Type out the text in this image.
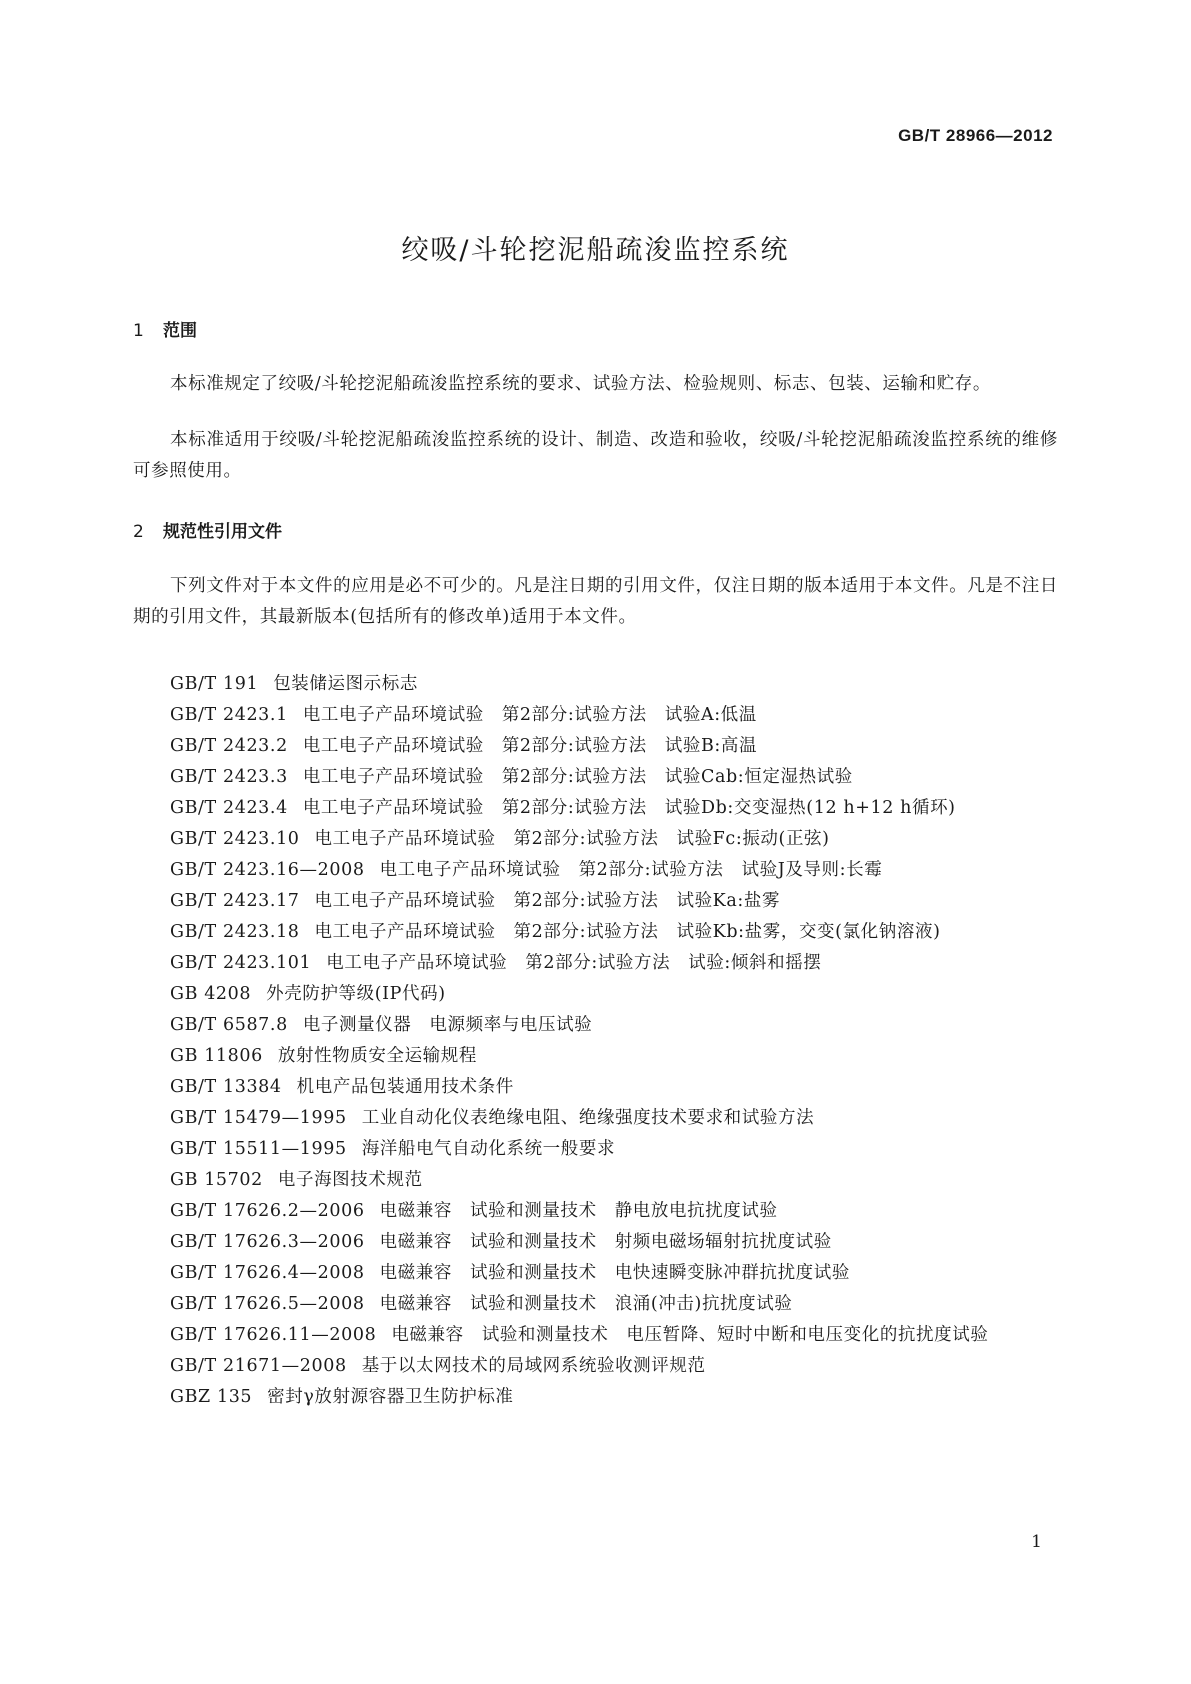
GB/T 28966—2012
绞吸/斗轮挖泥船疏浚监控系统
1 范围
本标准规定了绞吸/斗轮挖泥船疏浚监控系统的要求、试验方法、检验规则、标志、包装、运输和贮存。
本标准适用于绞吸/斗轮挖泥船疏浚监控系统的设计、制造、改造和验收，绞吸/斗轮挖泥船疏浚监控系统的维修可参照使用。
2 规范性引用文件
下列文件对于本文件的应用是必不可少的。凡是注日期的引用文件，仅注日期的版本适用于本文件。凡是不注日期的引用文件，其最新版本(包括所有的修改单)适用于本文件。

GB/T 191 包装储运图示标志

GB/T 2423.1 电工电子产品环境试验 第2部分:试验方法 试验A:低温

GB/T 2423.2 电工电子产品环境试验 第2部分:试验方法 试验B:高温

GB/T 2423.3 电工电子产品环境试验 第2部分:试验方法 试验Cab:恒定湿热试验

GB/T 2423.4 电工电子产品环境试验 第2部分:试验方法 试验Db:交变湿热(12 h+12 h循环)

GB/T 2423.10 电工电子产品环境试验 第2部分:试验方法 试验Fc:振动(正弦)

GB/T 2423.16—2008 电工电子产品环境试验 第2部分:试验方法 试验J及导则:长霉

GB/T 2423.17 电工电子产品环境试验 第2部分:试验方法 试验Ka:盐雾

GB/T 2423.18 电工电子产品环境试验 第2部分:试验方法 试验Kb:盐雾，交变(氯化钠溶液)

GB/T 2423.101 电工电子产品环境试验 第2部分:试验方法 试验:倾斜和摇摆

GB 4208 外壳防护等级(IP代码)

GB/T 6587.8 电子测量仪器 电源频率与电压试验

GB 11806 放射性物质安全运输规程

GB/T 13384 机电产品包装通用技术条件

GB/T 15479—1995 工业自动化仪表绝缘电阻、绝缘强度技术要求和试验方法

GB/T 15511—1995 海洋船电气自动化系统一般要求

GB 15702 电子海图技术规范

GB/T 17626.2—2006 电磁兼容 试验和测量技术 静电放电抗扰度试验

GB/T 17626.3—2006 电磁兼容 试验和测量技术 射频电磁场辐射抗扰度试验

GB/T 17626.4—2008 电磁兼容 试验和测量技术 电快速瞬变脉冲群抗扰度试验

GB/T 17626.5—2008 电磁兼容 试验和测量技术 浪涌(冲击)抗扰度试验

GB/T 17626.11—2008 电磁兼容 试验和测量技术 电压暂降、短时中断和电压变化的抗扰度试验

GB/T 21671—2008 基于以太网技术的局域网系统验收测评规范

GBZ 135 密封γ放射源容器卫生防护标准

1
